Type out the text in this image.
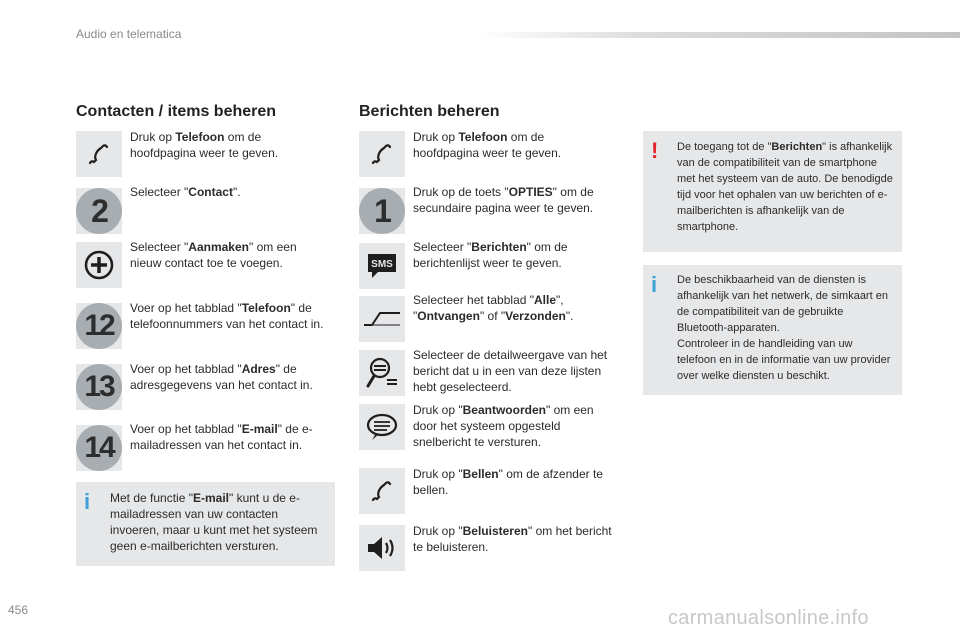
Audio en telematica
Contacten / items beheren
Druk op Telefoon om de hoofdpagina weer te geven.
2
Selecteer "Contact".
Selecteer "Aanmaken" om een nieuw contact toe te voegen.
12
Voer op het tabblad "Telefoon" de telefoonnummers van het contact in.
13
Voer op het tabblad "Adres" de adresgegevens van het contact in.
14
Voer op het tabblad "E-mail" de e-mailadressen van het contact in.
i Met de functie "E-mail" kunt u de e-mailadressen van uw contacten invoeren, maar u kunt met het systeem geen e-mailberichten versturen.
Berichten beheren
Druk op Telefoon om de hoofdpagina weer te geven.
1
Druk op de toets "OPTIES" om de secundaire pagina weer te geven.
SMS
Selecteer "Berichten" om de berichtenlijst weer te geven.
Selecteer het tabblad "Alle", "Ontvangen" of "Verzonden".
Selecteer de detailweergave van het bericht dat u in een van deze lijsten hebt geselecteerd.
Druk op "Beantwoorden" om een door het systeem opgesteld snelbericht te versturen.
Druk op "Bellen" om de afzender te bellen.
Druk op "Beluisteren" om het bericht te beluisteren.
! De toegang tot de "Berichten" is afhankelijk van de compatibiliteit van de smartphone met het systeem van de auto. De benodigde tijd voor het ophalen van uw berichten of e-mailberichten is afhankelijk van de smartphone.
i De beschikbaarheid van de diensten is afhankelijk van het netwerk, de simkaart en de compatibiliteit van de gebruikte Bluetooth-apparaten.
Controleer in de handleiding van uw telefoon en in de informatie van uw provider over welke diensten u beschikt.
456	carmanualsonline.info
